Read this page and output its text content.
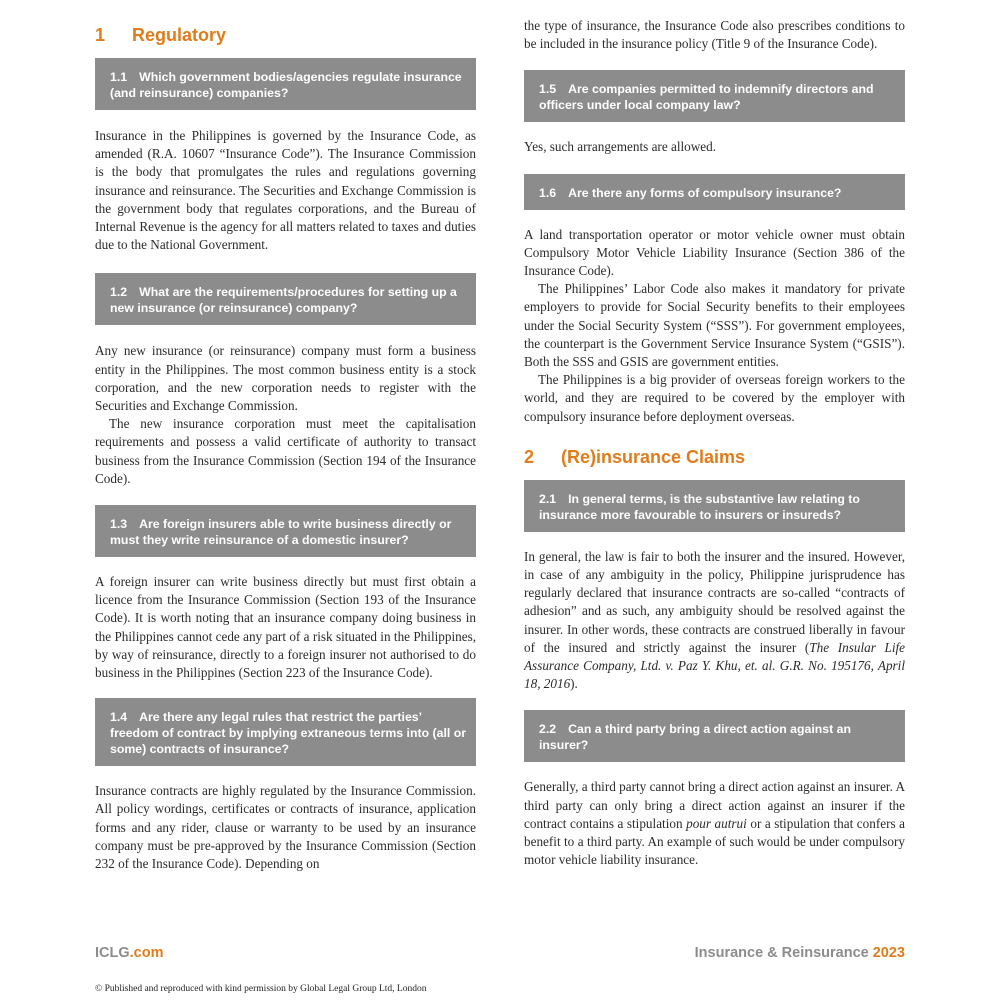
1	Regulatory
1.1 Which government bodies/agencies regulate insurance (and reinsurance) companies?

Insurance in the Philippines is governed by the Insurance Code, as amended (R.A. 10607 “Insurance Code”). The Insurance Commission is the body that promulgates the rules and regulations governing insurance and reinsurance. The Securities and Exchange Commission is the government body that regulates corporations, and the Bureau of Internal Revenue is the agency for all matters related to taxes and duties due to the National Government.

1.2 What are the requirements/procedures for setting up a new insurance (or reinsurance) company?

Any new insurance (or reinsurance) company must form a business entity in the Philippines. The most common business entity is a stock corporation, and the new corporation needs to register with the Securities and Exchange Commission.

The new insurance corporation must meet the capitalisation requirements and possess a valid certificate of authority to transact business from the Insurance Commission (Section 194 of the Insurance Code).

1.3 Are foreign insurers able to write business directly or must they write reinsurance of a domestic insurer?

A foreign insurer can write business directly but must first obtain a licence from the Insurance Commission (Section 193 of the Insurance Code). It is worth noting that an insurance company doing business in the Philippines cannot cede any part of a risk situated in the Philippines, by way of reinsurance, directly to a foreign insurer not authorised to do business in the Philippines (Section 223 of the Insurance Code).

1.4 Are there any legal rules that restrict the parties’ freedom of contract by implying extraneous terms into (all or some) contracts of insurance?

Insurance contracts are highly regulated by the Insurance Commission. All policy wordings, certificates or contracts of insurance, application forms and any rider, clause or warranty to be used by an insurance company must be pre-approved by the Insurance Commission (Section 232 of the Insurance Code). Depending on

the type of insurance, the Insurance Code also prescribes conditions to be included in the insurance policy (Title 9 of the Insurance Code).

1.5 Are companies permitted to indemnify directors and officers under local company law?

Yes, such arrangements are allowed.

1.6 Are there any forms of compulsory insurance?

A land transportation operator or motor vehicle owner must obtain Compulsory Motor Vehicle Liability Insurance (Section 386 of the Insurance Code).

The Philippines’ Labor Code also makes it mandatory for private employers to provide for Social Security benefits to their employees under the Social Security System (“SSS”). For government employees, the counterpart is the Government Service Insurance System (“GSIS”). Both the SSS and GSIS are government entities.

The Philippines is a big provider of overseas foreign workers to the world, and they are required to be covered by the employer with compulsory insurance before deployment overseas.

2	(Re)insurance Claims
2.1 In general terms, is the substantive law relating to insurance more favourable to insurers or insureds?

In general, the law is fair to both the insurer and the insured. However, in case of any ambiguity in the policy, Philippine jurisprudence has regularly declared that insurance contracts are so-called “contracts of adhesion” and as such, any ambiguity should be resolved against the insurer. In other words, these contracts are construed liberally in favour of the insured and strictly against the insurer (The Insular Life Assurance Company, Ltd. v. Paz Y. Khu, et. al. G.R. No. 195176, April 18, 2016).

2.2 Can a third party bring a direct action against an insurer?

Generally, a third party cannot bring a direct action against an insurer. A third party can only bring a direct action against an insurer if the contract contains a stipulation pour autrui or a stipulation that confers a benefit to a third party. An example of such would be under compulsory motor vehicle liability insurance.

ICLG.com	Insurance & Reinsurance 2023
© Published and reproduced with kind permission by Global Legal Group Ltd, London
